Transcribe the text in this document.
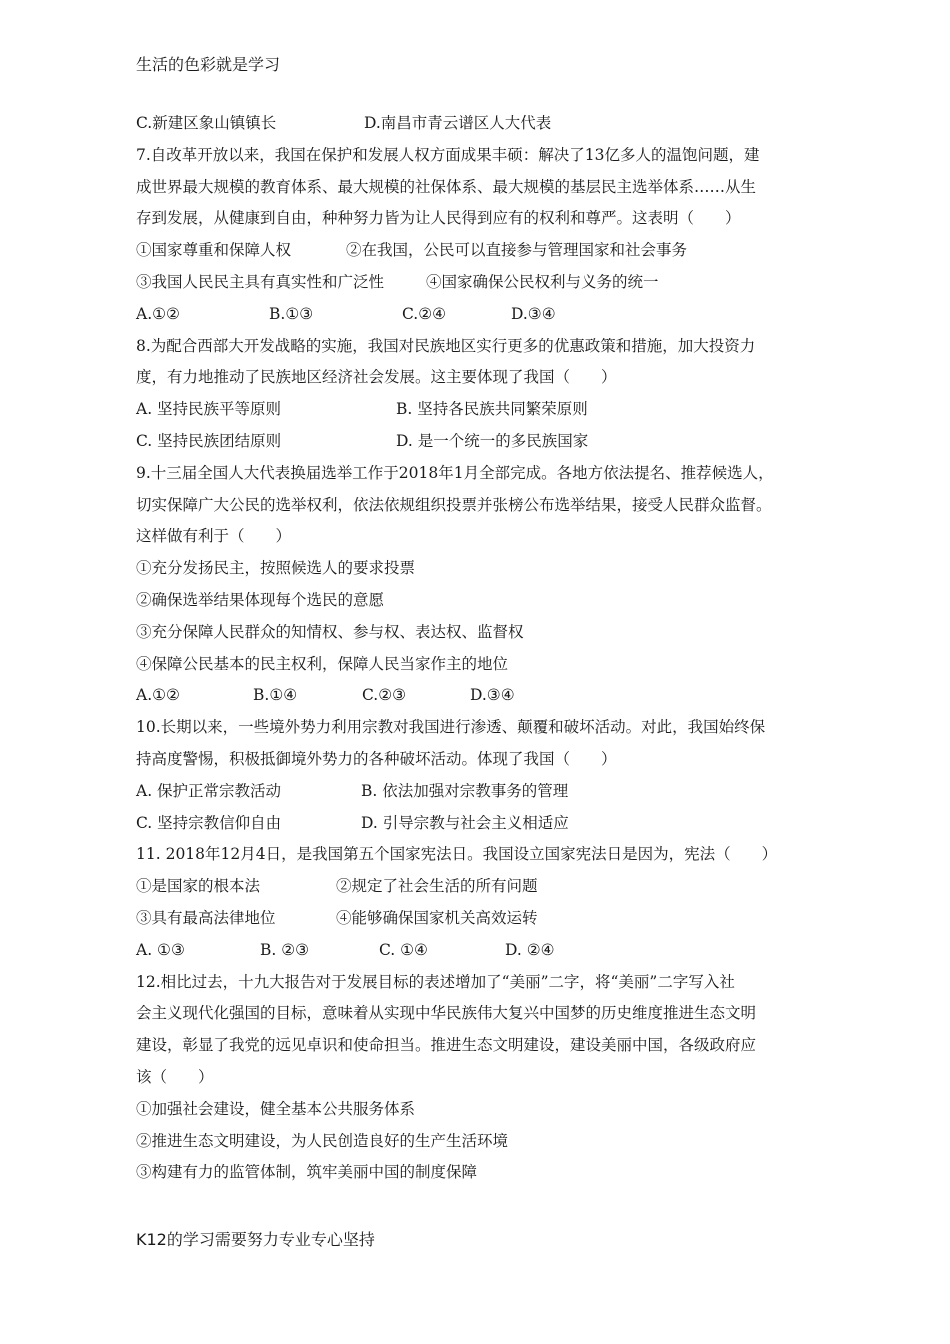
生活的色彩就是学习
C.新建区象山镇镇长	D.南昌市青云谱区人大代表
7.自改革开放以来，我国在保护和发展人权方面成果丰硕：解决了13亿多人的温饱问题，建
成世界最大规模的教育体系、最大规模的社保体系、最大规模的基层民主选举体系……从生
存到发展，从健康到自由，种种努力皆为让人民得到应有的权利和尊严。这表明（　　）
①国家尊重和保障人权	②在我国，公民可以直接参与管理国家和社会事务
③我国人民民主具有真实性和广泛性	④国家确保公民权利与义务的统一
A.①②	B.①③	C.②④	D.③④
8.为配合西部大开发战略的实施，我国对民族地区实行更多的优惠政策和措施，加大投资力
度，有力地推动了民族地区经济社会发展。这主要体现了我国（　　）
A. 坚持民族平等原则	B. 坚持各民族共同繁荣原则
C. 坚持民族团结原则	D. 是一个统一的多民族国家
9.十三届全国人大代表换届选举工作于2018年1月全部完成。各地方依法提名、推荐候选人，
切实保障广大公民的选举权利，依法依规组织投票并张榜公布选举结果，接受人民群众监督。
这样做有利于（　　）
①充分发扬民主，按照候选人的要求投票
②确保选举结果体现每个选民的意愿
③充分保障人民群众的知情权、参与权、表达权、监督权
④保障公民基本的民主权利，保障人民当家作主的地位
A.①②	B.①④	C.②③	D.③④
10.长期以来，一些境外势力利用宗教对我国进行渗透、颠覆和破坏活动。对此，我国始终保
持高度警惕，积极抵御境外势力的各种破坏活动。体现了我国（　　）
A. 保护正常宗教活动	B. 依法加强对宗教事务的管理
C. 坚持宗教信仰自由	D. 引导宗教与社会主义相适应
11. 2018年12月4日，是我国第五个国家宪法日。我国设立国家宪法日是因为，宪法（　　）
①是国家的根本法	②规定了社会生活的所有问题
③具有最高法律地位	④能够确保国家机关高效运转
A. ①③	B. ②③	C. ①④	D. ②④
12.相比过去，十九大报告对于发展目标的表述增加了“美丽”二字，将“美丽”二字写入社
会主义现代化强国的目标，意味着从实现中华民族伟大复兴中国梦的历史维度推进生态文明
建设，彰显了我党的远见卓识和使命担当。推进生态文明建设，建设美丽中国，各级政府应
该（　　）
①加强社会建设，健全基本公共服务体系
②推进生态文明建设，为人民创造良好的生产生活环境
③构建有力的监管体制，筑牢美丽中国的制度保障
K12的学习需要努力专业专心坚持
